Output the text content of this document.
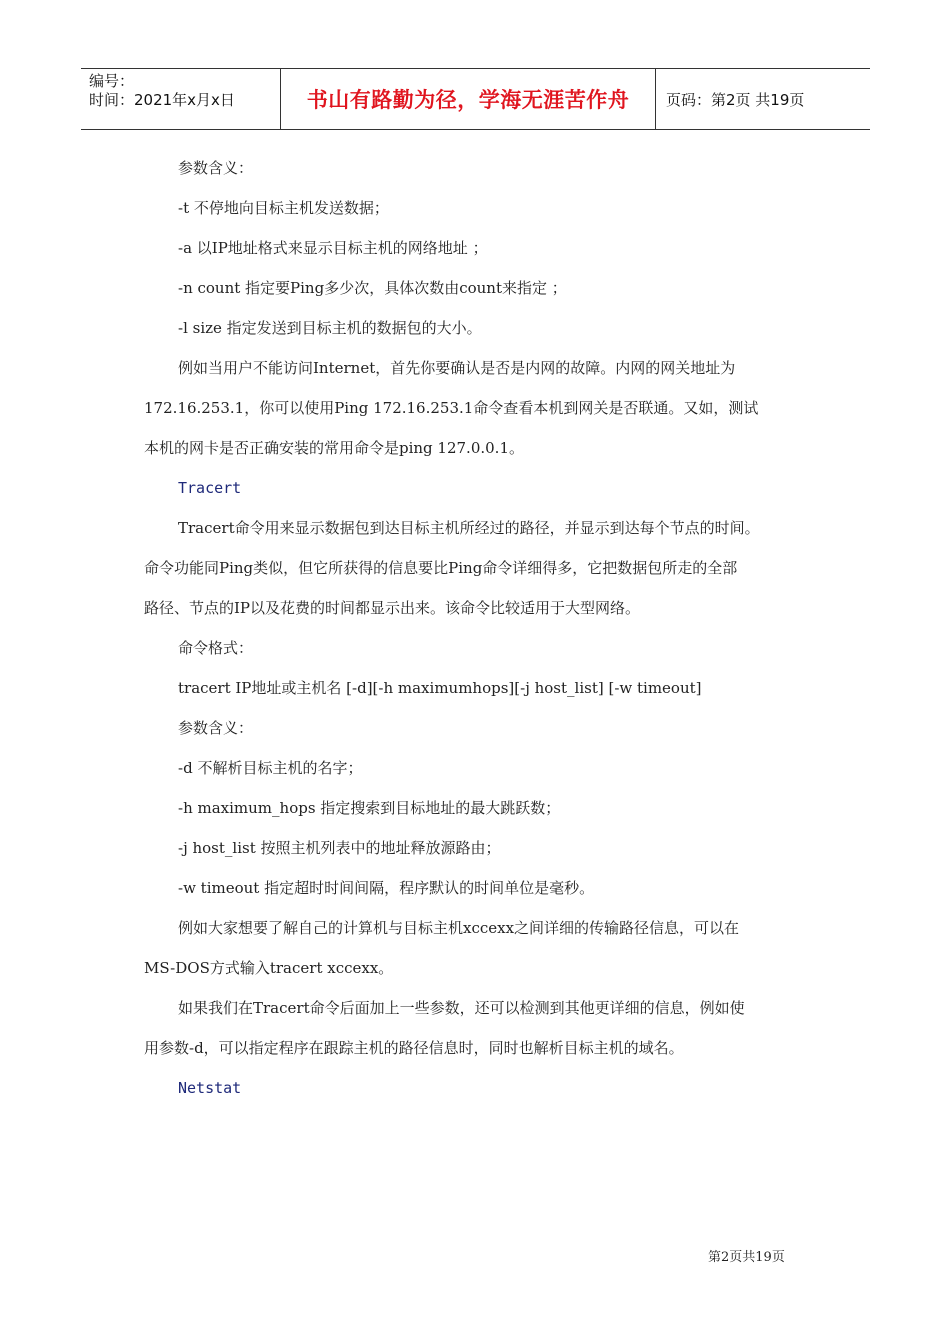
编号：
时间：2021年x月x日	书山有路勤为径，学海无涯苦作舟	页码：第2页 共19页

参数含义：

-t 不停地向目标主机发送数据；

-a 以IP地址格式来显示目标主机的网络地址 ；

-n count 指定要Ping多少次，具体次数由count来指定 ；

-l size 指定发送到目标主机的数据包的大小。

例如当用户不能访问Internet，首先你要确认是否是内网的故障。内网的网关地址为
172.16.253.1，你可以使用Ping 172.16.253.1命令查看本机到网关是否联通。又如，测试
本机的网卡是否正确安装的常用命令是ping 127.0.0.1。

Tracert

Tracert命令用来显示数据包到达目标主机所经过的路径，并显示到达每个节点的时间。
命令功能同Ping类似，但它所获得的信息要比Ping命令详细得多，它把数据包所走的全部
路径、节点的IP以及花费的时间都显示出来。该命令比较适用于大型网络。

命令格式：

tracert IP地址或主机名 [-d][-h maximumhops][-j host_list] [-w timeout]

参数含义：

-d 不解析目标主机的名字；

-h maximum_hops 指定搜索到目标地址的最大跳跃数；

-j host_list 按照主机列表中的地址释放源路由；

-w timeout 指定超时时间间隔，程序默认的时间单位是毫秒。

例如大家想要了解自己的计算机与目标主机xccexx之间详细的传输路径信息，可以在
MS-DOS方式输入tracert xccexx。
如果我们在Tracert命令后面加上一些参数，还可以检测到其他更详细的信息，例如使
用参数-d，可以指定程序在跟踪主机的路径信息时，同时也解析目标主机的域名。

Netstat

第2页共19页
